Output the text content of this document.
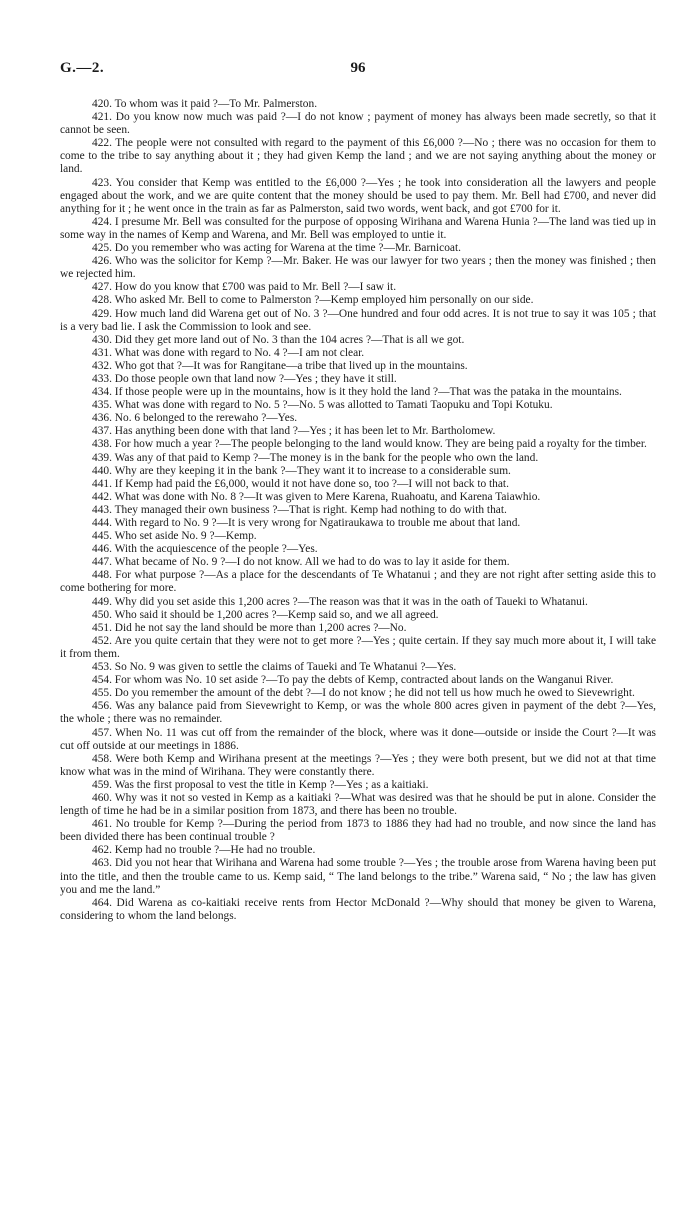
G.—2.	96

420. To whom was it paid ?—To Mr. Palmerston.

421. Do you know now much was paid ?—I do not know ; payment of money has always been made secretly, so that it cannot be seen.

422. The people were not consulted with regard to the payment of this £6,000 ?—No ; there was no occasion for them to come to the tribe to say anything about it ; they had given Kemp the land ; and we are not saying anything about the money or land.

423. You consider that Kemp was entitled to the £6,000 ?—Yes ; he took into consideration all the lawyers and people engaged about the work, and we are quite content that the money should be used to pay them. Mr. Bell had £700, and never did anything for it ; he went once in the train as far as Palmerston, said two words, went back, and got £700 for it.

424. I presume Mr. Bell was consulted for the purpose of opposing Wirihana and Warena Hunia ?—The land was tied up in some way in the names of Kemp and Warena, and Mr. Bell was employed to untie it.

425. Do you remember who was acting for Warena at the time ?—Mr. Barnicoat.

426. Who was the solicitor for Kemp ?—Mr. Baker. He was our lawyer for two years ; then the money was finished ; then we rejected him.

427. How do you know that £700 was paid to Mr. Bell ?—I saw it.

428. Who asked Mr. Bell to come to Palmerston ?—Kemp employed him personally on our side.

429. How much land did Warena get out of No. 3 ?—One hundred and four odd acres. It is not true to say it was 105 ; that is a very bad lie. I ask the Commission to look and see.

430. Did they get more land out of No. 3 than the 104 acres ?—That is all we got.

431. What was done with regard to No. 4 ?—I am not clear.

432. Who got that ?—It was for Rangitane—a tribe that lived up in the mountains.

433. Do those people own that land now ?—Yes ; they have it still.

434. If those people were up in the mountains, how is it they hold the land ?—That was the pataka in the mountains.

435. What was done with regard to No. 5 ?—No. 5 was allotted to Tamati Taopuku and Topi Kotuku.

436. No. 6 belonged to the rerewaho ?—Yes.

437. Has anything been done with that land ?—Yes ; it has been let to Mr. Bartholomew.

438. For how much a year ?—The people belonging to the land would know. They are being paid a royalty for the timber.

439. Was any of that paid to Kemp ?—The money is in the bank for the people who own the land.

440. Why are they keeping it in the bank ?—They want it to increase to a considerable sum.

441. If Kemp had paid the £6,000, would it not have done so, too ?—I will not back to that.

442. What was done with No. 8 ?—It was given to Mere Karena, Ruahoatu, and Karena Taiawhio.

443. They managed their own business ?—That is right. Kemp had nothing to do with that.

444. With regard to No. 9 ?—It is very wrong for Ngatiraukawa to trouble me about that land.

445. Who set aside No. 9 ?—Kemp.

446. With the acquiescence of the people ?—Yes.

447. What became of No. 9 ?—I do not know. All we had to do was to lay it aside for them.

448. For what purpose ?—As a place for the descendants of Te Whatanui ; and they are not right after setting aside this to come bothering for more.

449. Why did you set aside this 1,200 acres ?—The reason was that it was in the oath of Taueki to Whatanui.

450. Who said it should be 1,200 acres ?—Kemp said so, and we all agreed.

451. Did he not say the land should be more than 1,200 acres ?—No.

452. Are you quite certain that they were not to get more ?—Yes ; quite certain. If they say much more about it, I will take it from them.

453. So No. 9 was given to settle the claims of Taueki and Te Whatanui ?—Yes.

454. For whom was No. 10 set aside ?—To pay the debts of Kemp, contracted about lands on the Wanganui River.

455. Do you remember the amount of the debt ?—I do not know ; he did not tell us how much he owed to Sievewright.

456. Was any balance paid from Sievewright to Kemp, or was the whole 800 acres given in payment of the debt ?—Yes, the whole ; there was no remainder.

457. When No. 11 was cut off from the remainder of the block, where was it done—outside or inside the Court ?—It was cut off outside at our meetings in 1886.

458. Were both Kemp and Wirihana present at the meetings ?—Yes ; they were both present, but we did not at that time know what was in the mind of Wirihana. They were constantly there.

459. Was the first proposal to vest the title in Kemp ?—Yes ; as a kaitiaki.

460. Why was it not so vested in Kemp as a kaitiaki ?—What was desired was that he should be put in alone. Consider the length of time he had be in a similar position from 1873, and there has been no trouble.

461. No trouble for Kemp ?—During the period from 1873 to 1886 they had had no trouble, and now since the land has been divided there has been continual trouble ?

462. Kemp had no trouble ?—He had no trouble.

463. Did you not hear that Wirihana and Warena had some trouble ?—Yes ; the trouble arose from Warena having been put into the title, and then the trouble came to us. Kemp said, “ The land belongs to the tribe.” Warena said, “ No ; the law has given you and me the land.”

464. Did Warena as co-kaitiaki receive rents from Hector McDonald ?—Why should that money be given to Warena, considering to whom the land belongs.
